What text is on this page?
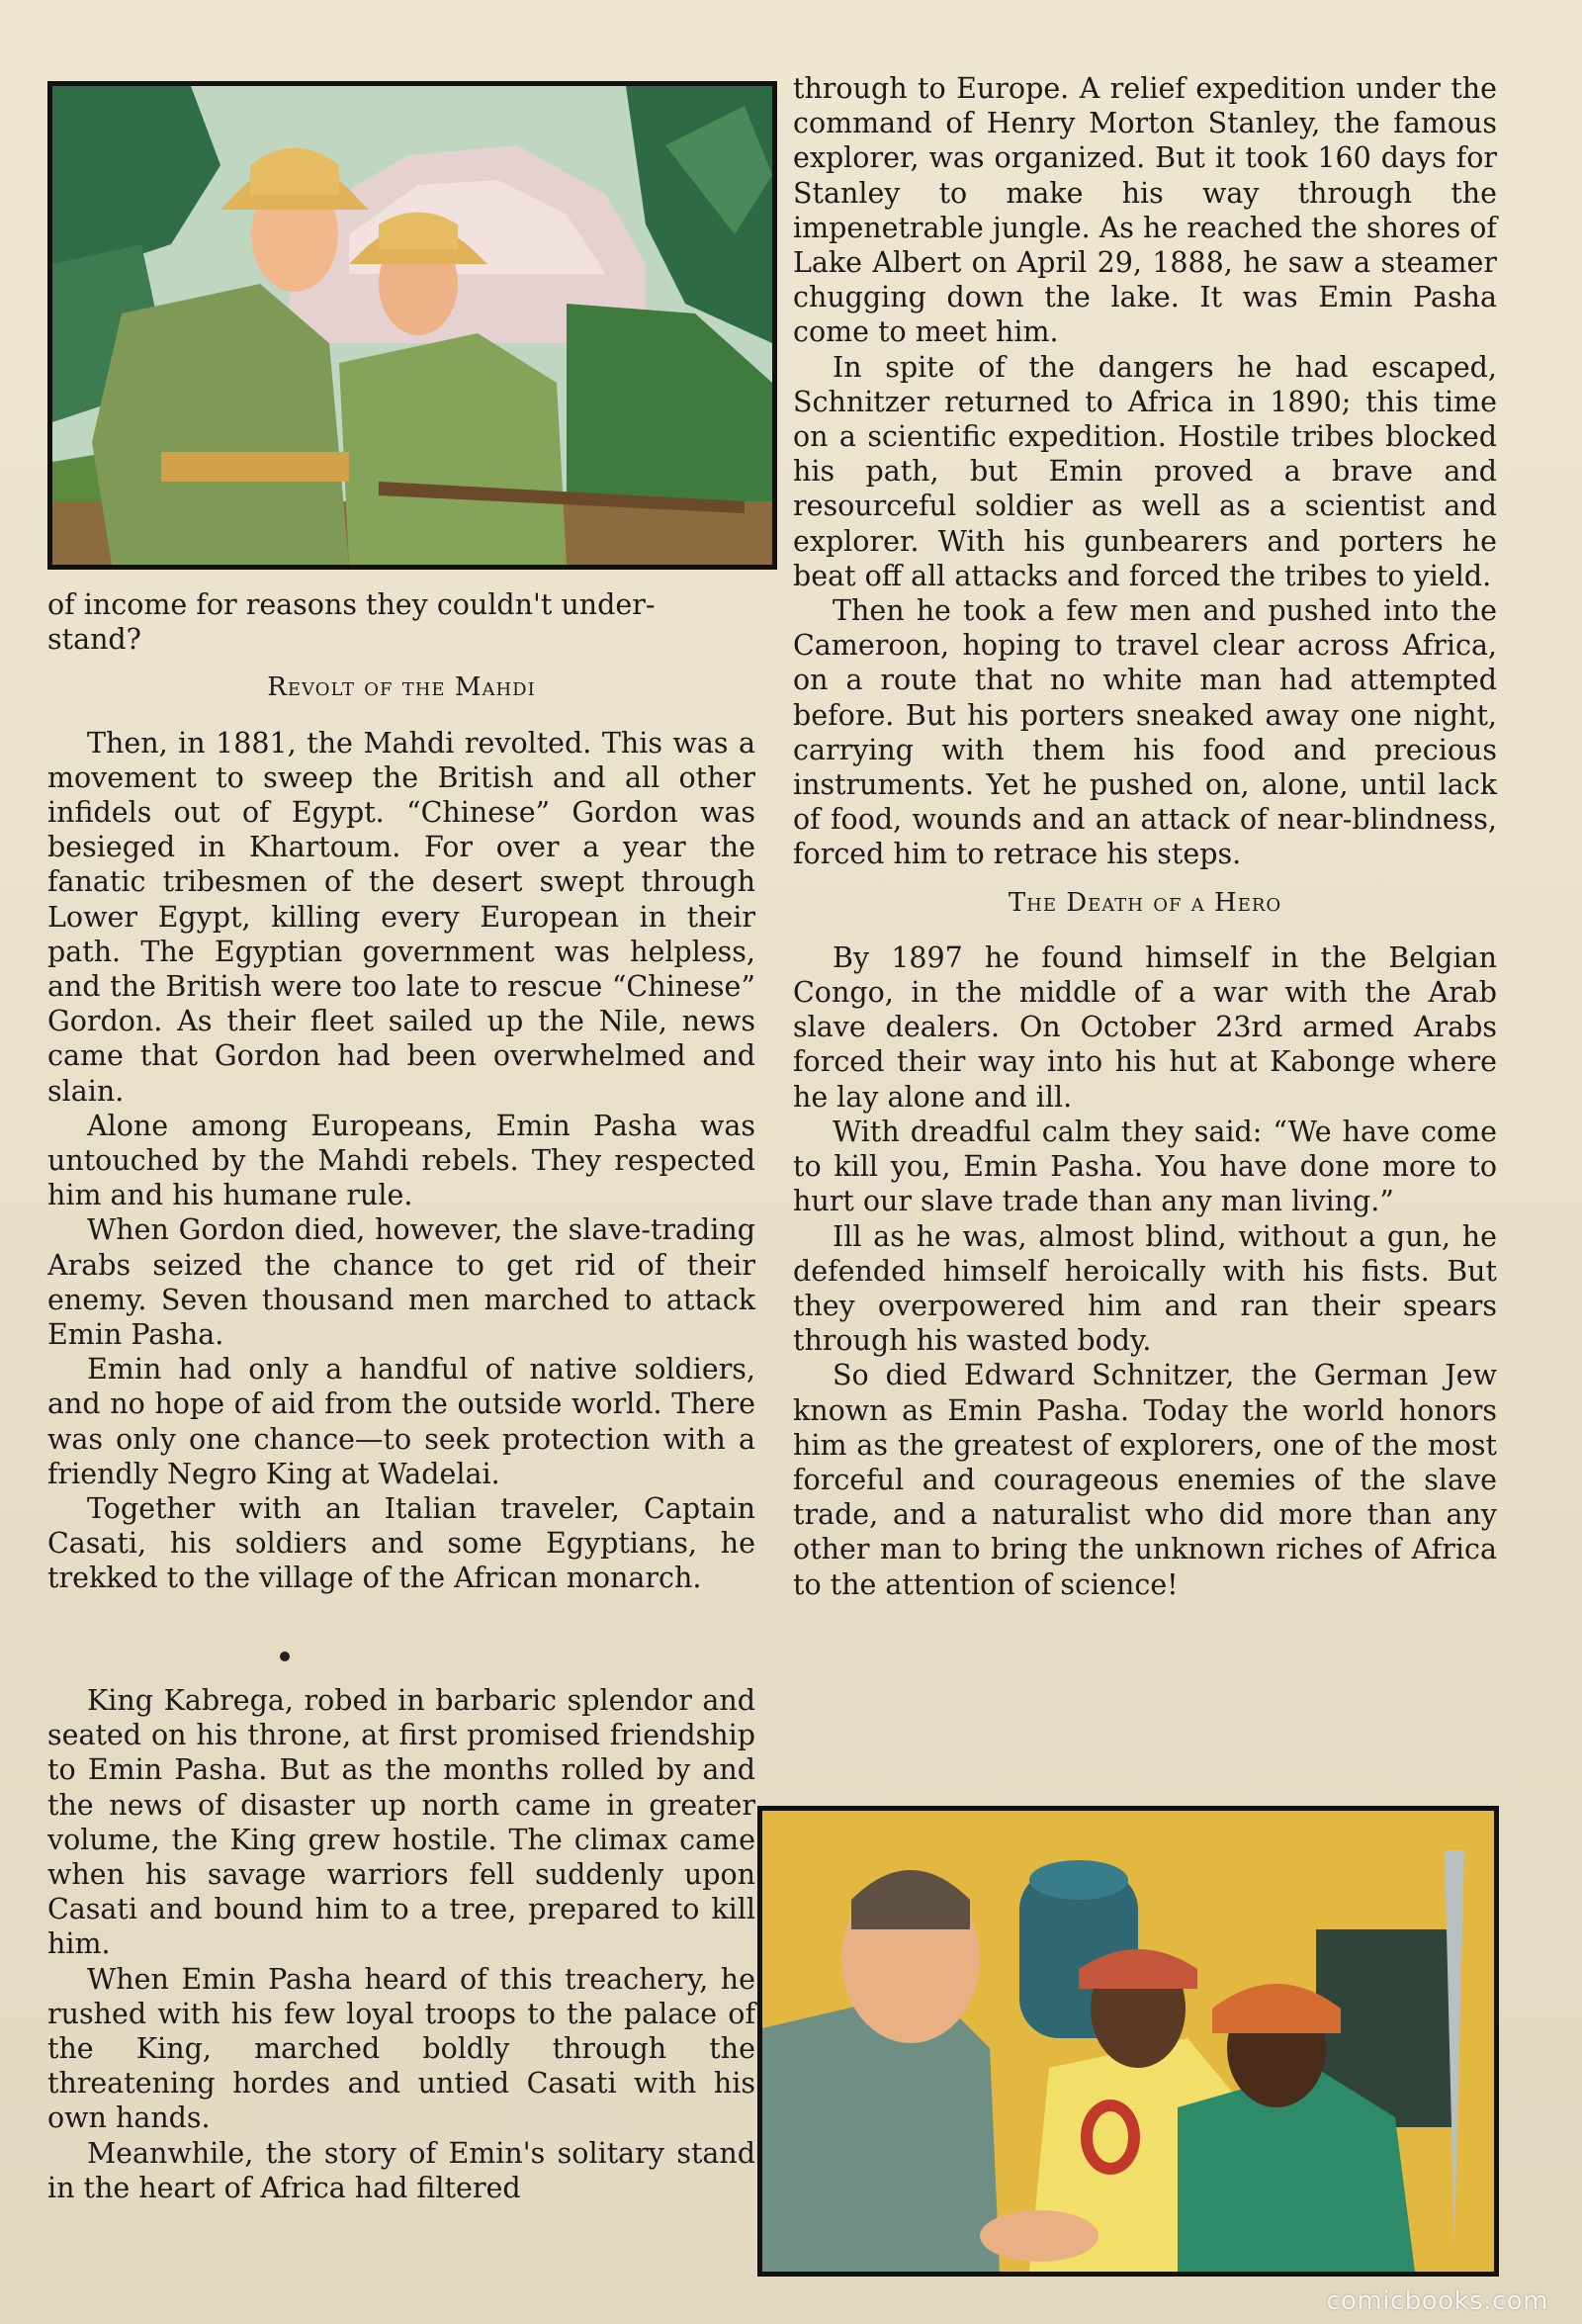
of income for reasons they couldn't under-
stand?

Revolt of the Mahdi

Then, in 1881, the Mahdi revolted. This was a movement to sweep the British and all other infidels out of Egypt. “Chinese” Gordon was besieged in Khartoum. For over a year the fanatic tribesmen of the desert swept through Lower Egypt, killing every European in their path. The Egyptian government was helpless, and the British were too late to rescue “Chinese” Gordon. As their fleet sailed up the Nile, news came that Gordon had been overwhelmed and slain.

Alone among Europeans, Emin Pasha was untouched by the Mahdi rebels. They respected him and his humane rule.

When Gordon died, however, the slave-trading Arabs seized the chance to get rid of their enemy. Seven thousand men marched to attack Emin Pasha.

Emin had only a handful of native soldiers, and no hope of aid from the outside world. There was only one chance—to seek protection with a friendly Negro King at Wadelai.

Together with an Italian traveler, Captain Casati, his soldiers and some Egyptians, he trekked to the village of the African monarch.

King Kabrega, robed in barbaric splendor and seated on his throne, at first promised friendship to Emin Pasha. But as the months rolled by and the news of disaster up north came in greater volume, the King grew hostile. The climax came when his savage warriors fell suddenly upon Casati and bound him to a tree, prepared to kill him.

When Emin Pasha heard of this treachery, he rushed with his few loyal troops to the palace of the King, marched boldly through the threatening hordes and untied Casati with his own hands.

Meanwhile, the story of Emin's solitary stand in the heart of Africa had filtered

through to Europe. A relief expedition under the command of Henry Morton Stanley, the famous explorer, was organized. But it took 160 days for Stanley to make his way through the impenetrable jungle. As he reached the shores of Lake Albert on April 29, 1888, he saw a steamer chugging down the lake. It was Emin Pasha come to meet him.

In spite of the dangers he had escaped, Schnitzer returned to Africa in 1890; this time on a scientific expedition. Hostile tribes blocked his path, but Emin proved a brave and resourceful soldier as well as a scientist and explorer. With his gunbearers and porters he beat off all attacks and forced the tribes to yield.

Then he took a few men and pushed into the Cameroon, hoping to travel clear across Africa, on a route that no white man had attempted before. But his porters sneaked away one night, carrying with them his food and precious instruments. Yet he pushed on, alone, until lack of food, wounds and an attack of near-blindness, forced him to retrace his steps.

The Death of a Hero

By 1897 he found himself in the Belgian Congo, in the middle of a war with the Arab slave dealers. On October 23rd armed Arabs forced their way into his hut at Kabonge where he lay alone and ill.

With dreadful calm they said: “We have come to kill you, Emin Pasha. You have done more to hurt our slave trade than any man living.”

Ill as he was, almost blind, without a gun, he defended himself heroically with his fists. But they overpowered him and ran their spears through his wasted body.

So died Edward Schnitzer, the German Jew known as Emin Pasha. Today the world honors him as the greatest of explorers, one of the most forceful and courageous enemies of the slave trade, and a naturalist who did more than any other man to bring the unknown riches of Africa to the attention of science!

comicbooks.com
